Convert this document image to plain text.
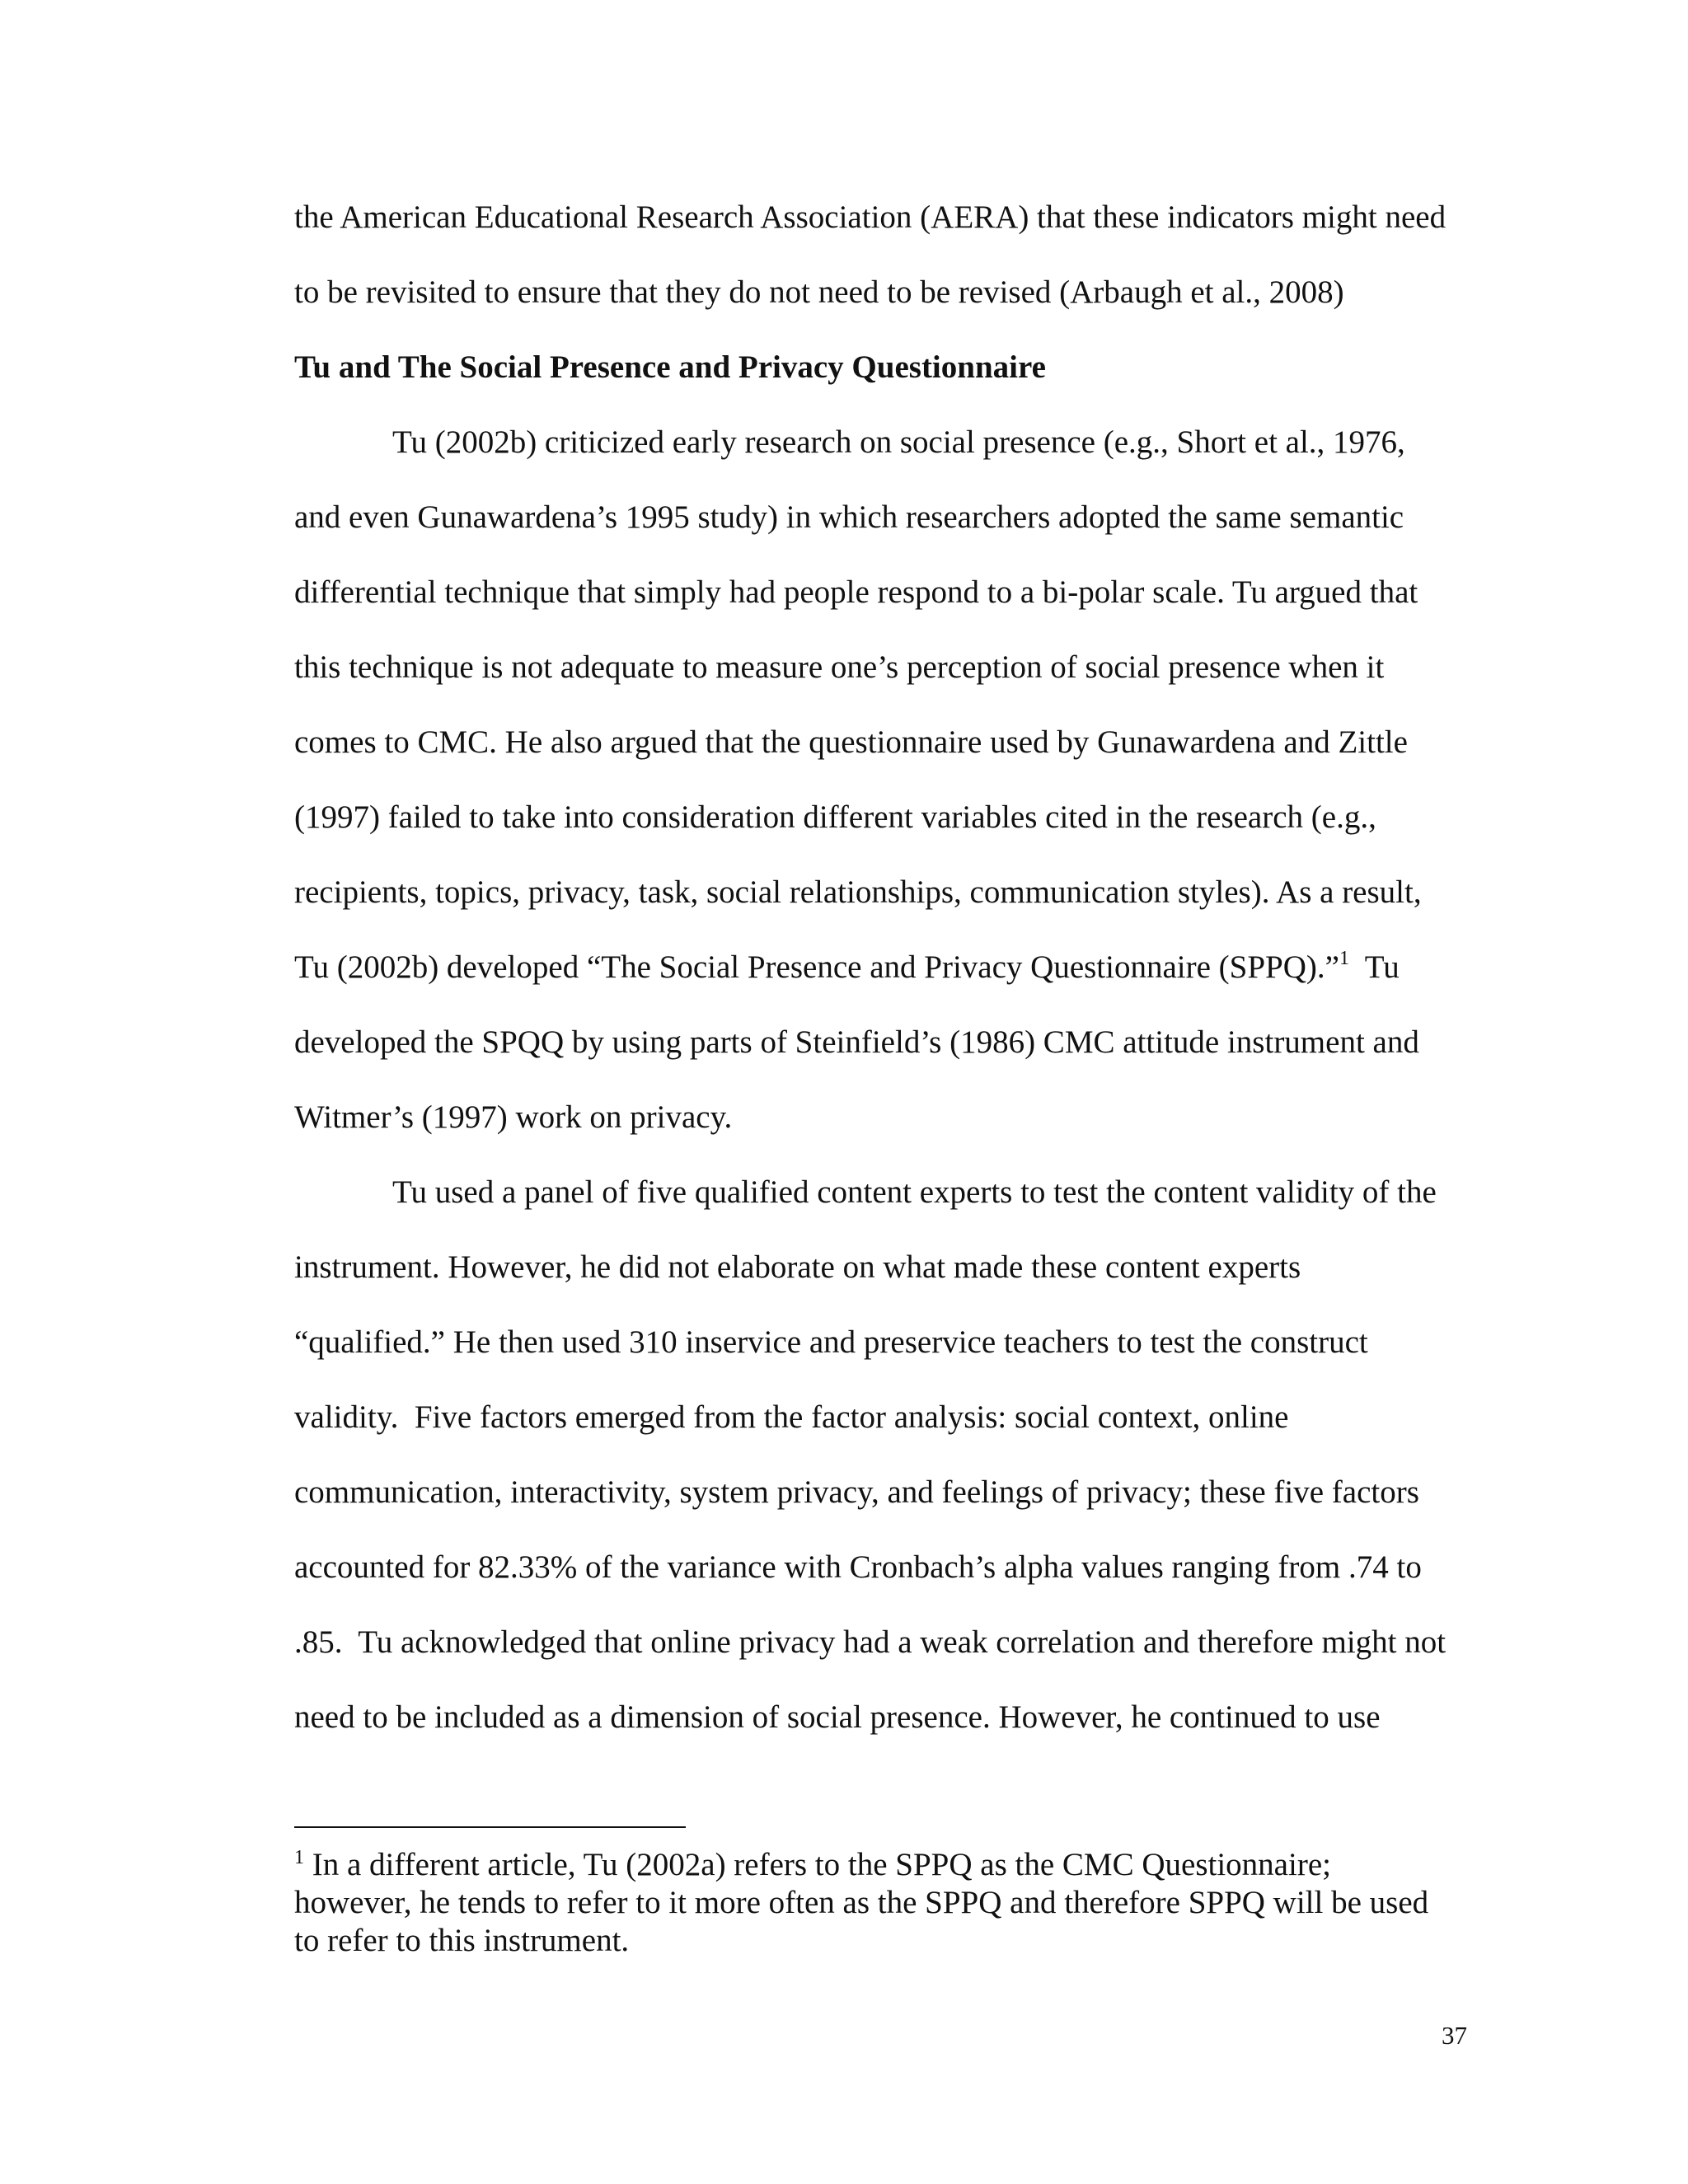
the American Educational Research Association (AERA) that these indicators might need
to be revisited to ensure that they do not need to be revised (Arbaugh et al., 2008)
Tu and The Social Presence and Privacy Questionnaire
Tu (2002b) criticized early research on social presence (e.g., Short et al., 1976,
and even Gunawardena’s 1995 study) in which researchers adopted the same semantic
differential technique that simply had people respond to a bi-polar scale. Tu argued that
this technique is not adequate to measure one’s perception of social presence when it
comes to CMC. He also argued that the questionnaire used by Gunawardena and Zittle
(1997) failed to take into consideration different variables cited in the research (e.g.,
recipients, topics, privacy, task, social relationships, communication styles). As a result,
Tu (2002b) developed “The Social Presence and Privacy Questionnaire (SPPQ).”$^1$  Tu
developed the SPQQ by using parts of Steinfield’s (1986) CMC attitude instrument and
Witmer’s (1997) work on privacy.
Tu used a panel of five qualified content experts to test the content validity of the
instrument. However, he did not elaborate on what made these content experts
“qualified.” He then used 310 inservice and preservice teachers to test the construct
validity.  Five factors emerged from the factor analysis: social context, online
communication, interactivity, system privacy, and feelings of privacy; these five factors
accounted for 82.33% of the variance with Cronbach’s alpha values ranging from .74 to
.85.  Tu acknowledged that online privacy had a weak correlation and therefore might not
need to be included as a dimension of social presence. However, he continued to use
$^1$ In a different article, Tu (2002a) refers to the SPPQ as the CMC Questionnaire;
however, he tends to refer to it more often as the SPPQ and therefore SPPQ will be used
to refer to this instrument.
37
